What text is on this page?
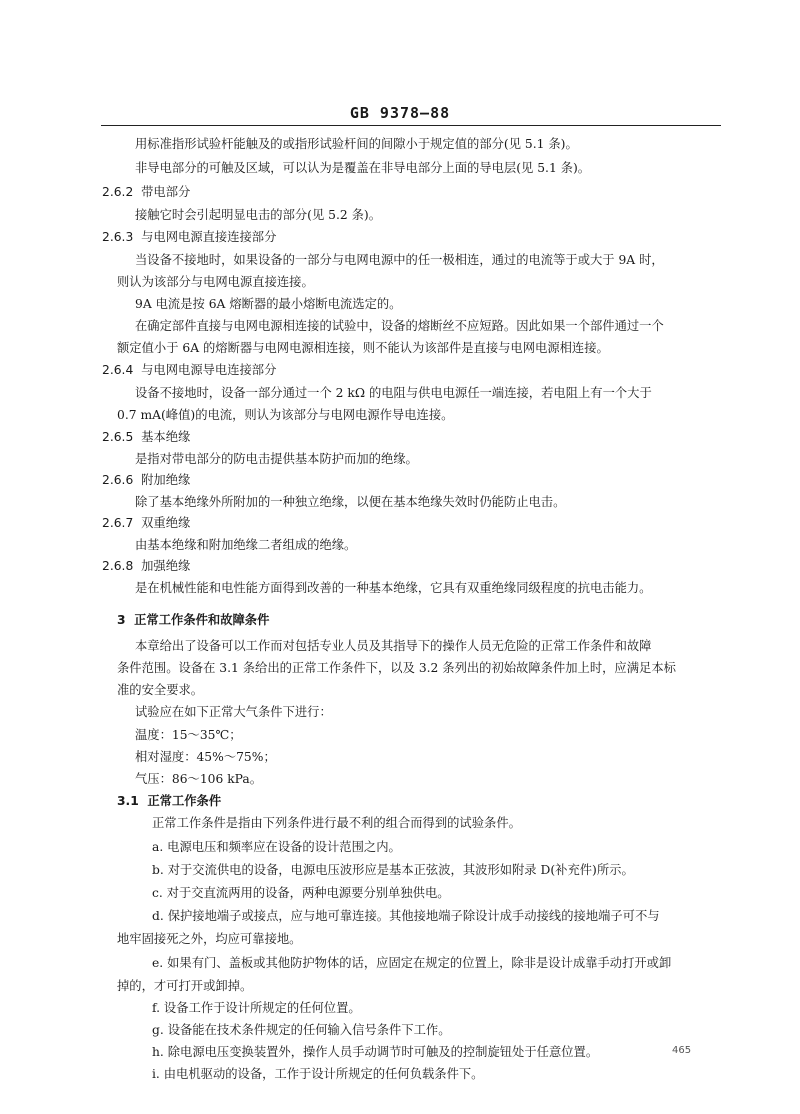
GB 9378—88
用标准指形试验杆能触及的或指形试验杆间的间隙小于规定值的部分(见 5.1 条)。
非导电部分的可触及区域，可以认为是覆盖在非导电部分上面的导电层(见 5.1 条)。
2.6.2 带电部分
接触它时会引起明显电击的部分(见 5.2 条)。
2.6.3 与电网电源直接连接部分
当设备不接地时，如果设备的一部分与电网电源中的任一极相连，通过的电流等于或大于 9A 时，
则认为该部分与电网电源直接连接。
9A 电流是按 6A 熔断器的最小熔断电流选定的。
在确定部件直接与电网电源相连接的试验中，设备的熔断丝不应短路。因此如果一个部件通过一个
额定值小于 6A 的熔断器与电网电源相连接，则不能认为该部件是直接与电网电源相连接。
2.6.4 与电网电源导电连接部分
设备不接地时，设备一部分通过一个 2 kΩ 的电阻与供电电源任一端连接，若电阻上有一个大于
0.7 mA(峰值)的电流，则认为该部分与电网电源作导电连接。
2.6.5 基本绝缘
是指对带电部分的防电击提供基本防护而加的绝缘。
2.6.6 附加绝缘
除了基本绝缘外所附加的一种独立绝缘，以便在基本绝缘失效时仍能防止电击。
2.6.7 双重绝缘
由基本绝缘和附加绝缘二者组成的绝缘。
2.6.8 加强绝缘
是在机械性能和电性能方面得到改善的一种基本绝缘，它具有双重绝缘同级程度的抗电击能力。
3 正常工作条件和故障条件
本章给出了设备可以工作而对包括专业人员及其指导下的操作人员无危险的正常工作条件和故障
条件范围。设备在 3.1 条给出的正常工作条件下，以及 3.2 条列出的初始故障条件加上时，应满足本标
准的安全要求。
试验应在如下正常大气条件下进行：
温度：15～35℃；
相对湿度：45%～75%；
气压：86～106 kPa。
3.1 正常工作条件
正常工作条件是指由下列条件进行最不利的组合而得到的试验条件。
a. 电源电压和频率应在设备的设计范围之内。
b. 对于交流供电的设备，电源电压波形应是基本正弦波，其波形如附录 D(补充件)所示。
c. 对于交直流两用的设备，两种电源要分别单独供电。
d. 保护接地端子或接点，应与地可靠连接。其他接地端子除设计成手动接线的接地端子可不与
地牢固接死之外，均应可靠接地。
e. 如果有门、盖板或其他防护物体的话，应固定在规定的位置上，除非是设计成靠手动打开或卸
掉的，才可打开或卸掉。
f. 设备工作于设计所规定的任何位置。
g. 设备能在技术条件规定的任何输入信号条件下工作。
h. 除电源电压变换装置外，操作人员手动调节时可触及的控制旋钮处于任意位置。
i. 由电机驱动的设备，工作于设计所规定的任何负载条件下。
465
